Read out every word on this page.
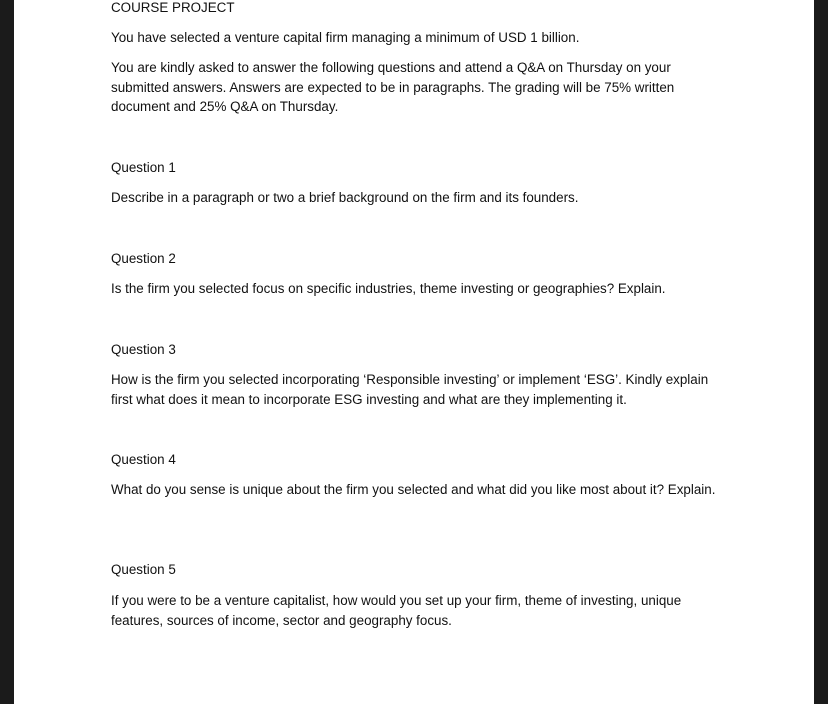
COURSE PROJECT

You have selected a venture capital firm managing a minimum of USD 1 billion.

You are kindly asked to answer the following questions and attend a Q&A on Thursday on your submitted answers. Answers are expected to be in paragraphs. The grading will be 75% written document and 25% Q&A on Thursday.

Question 1

Describe in a paragraph or two a brief background on the firm and its founders.

Question 2

Is the firm you selected focus on specific industries, theme investing or geographies? Explain.

Question 3

How is the firm you selected incorporating ‘Responsible investing’ or implement ‘ESG’. Kindly explain first what does it mean to incorporate ESG investing and what are they implementing it.

Question 4

What do you sense is unique about the firm you selected and what did you like most about it? Explain.

Question 5

If you were to be a venture capitalist, how would you set up your firm, theme of investing, unique features, sources of income, sector and geography focus.
